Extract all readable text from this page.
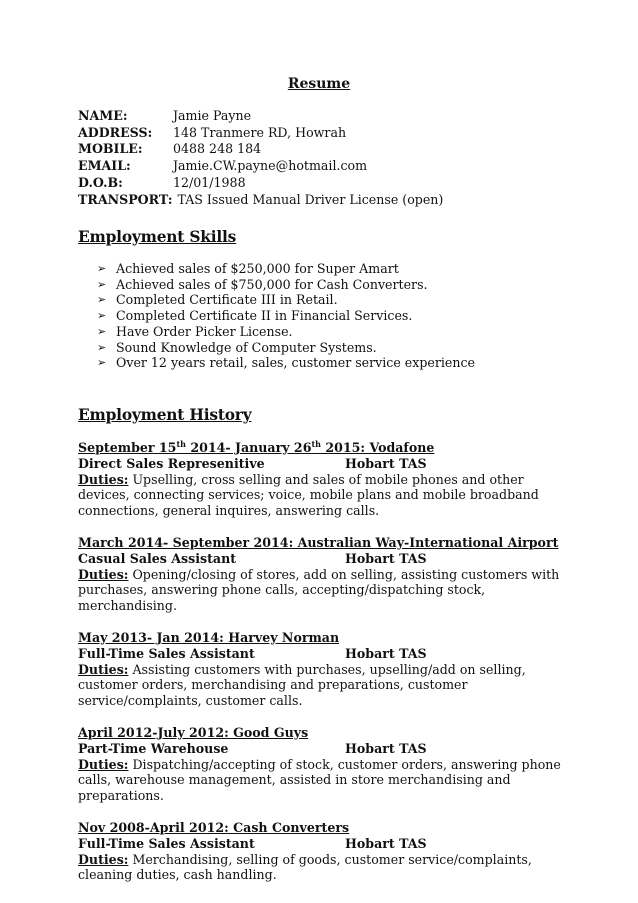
Resume
NAME:	Jamie Payne
ADDRESS:	148 Tranmere RD, Howrah
MOBILE:	0488 248 184
EMAIL:	Jamie.CW.payne@hotmail.com
D.O.B:	12/01/1988
TRANSPORT: TAS Issued Manual Driver License (open)
Employment Skills
➢ Achieved sales of $250,000 for Super Amart
➢ Achieved sales of $750,000 for Cash Converters.
➢ Completed Certificate III in Retail.
➢ Completed Certificate II in Financial Services.
➢ Have Order Picker License.
➢ Sound Knowledge of Computer Systems.
➢ Over 12 years retail, sales, customer service experience
Employment History
September 15th 2014- January 26th 2015: Vodafone
Direct Sales Represenitive	Hobart TAS

Duties: Upselling, cross selling and sales of mobile phones and other devices, connecting services; voice, mobile plans and mobile broadband connections, general inquires, answering calls.

March 2014- September 2014: Australian Way-International Airport
Casual Sales Assistant	Hobart TAS

Duties: Opening/closing of stores, add on selling, assisting customers with purchases, answering phone calls, accepting/dispatching stock, merchandising.

May 2013- Jan 2014: Harvey Norman
Full-Time Sales Assistant	Hobart TAS

Duties: Assisting customers with purchases, upselling/add on selling, customer orders, merchandising and preparations, customer service/complaints, customer calls.

April 2012-July 2012: Good Guys
Part-Time Warehouse	Hobart TAS

Duties: Dispatching/accepting of stock, customer orders, answering phone calls, warehouse management, assisted in store merchandising and preparations.

Nov 2008-April 2012: Cash Converters
Full-Time Sales Assistant	Hobart TAS

Duties: Merchandising, selling of goods, customer service/complaints, cleaning duties, cash handling.
